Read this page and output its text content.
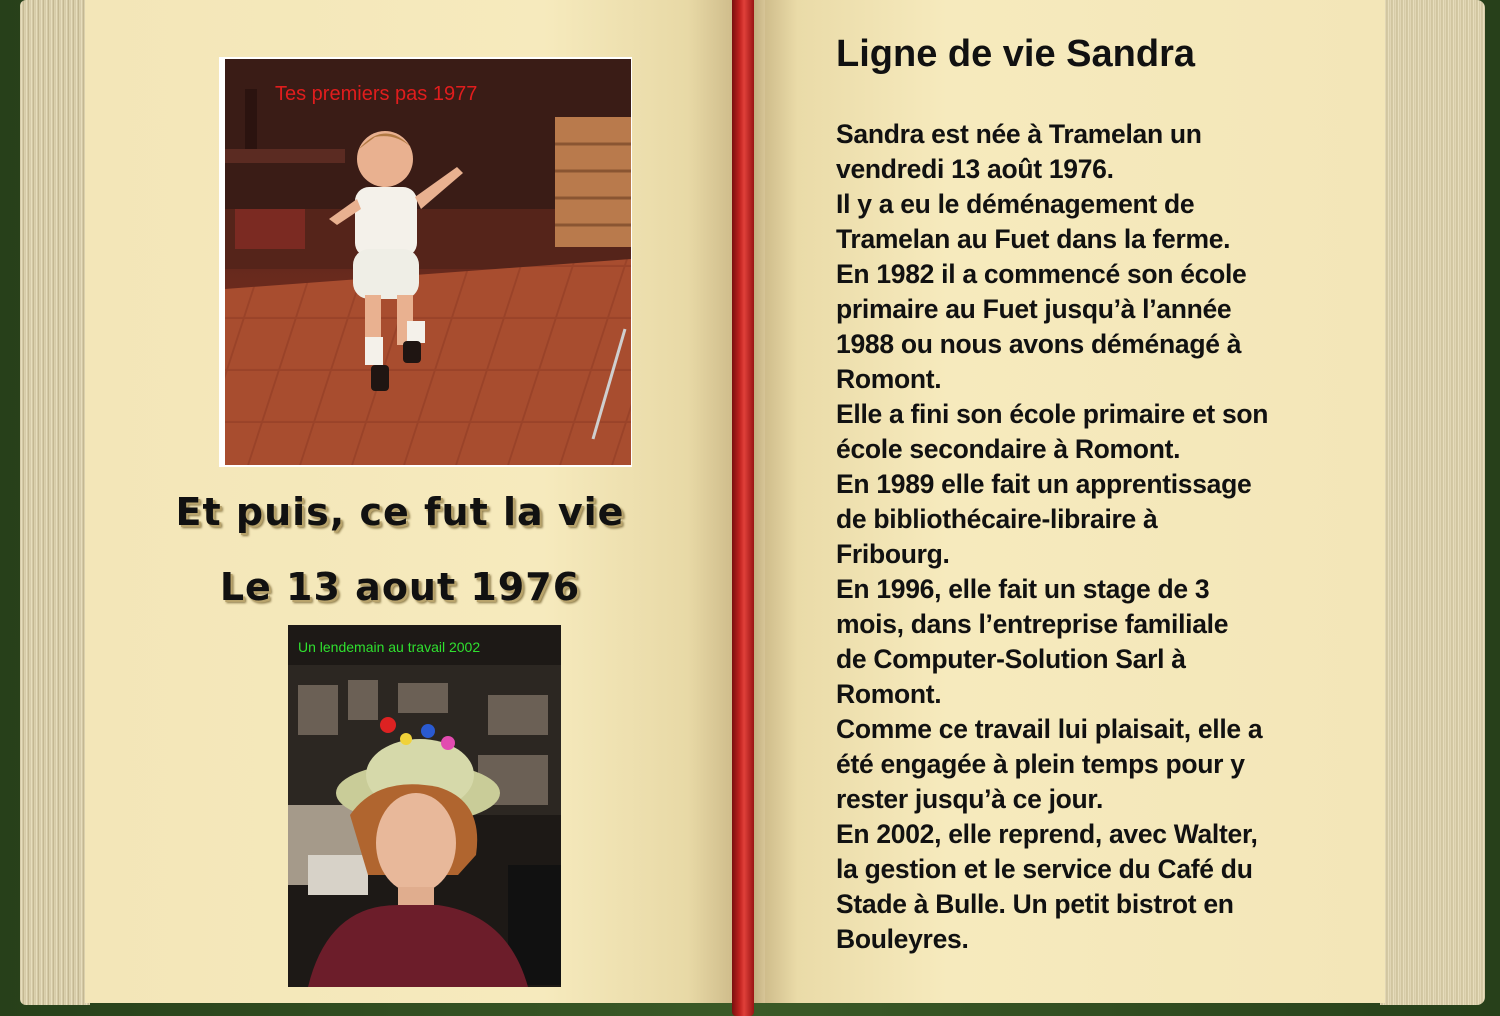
Tes premiers pas 1977
Et puis, ce fut la vie
Le 13 aout 1976
Un lendemain au travail 2002
Ligne de vie Sandra
Sandra est née à Tramelan un
vendredi 13 août 1976.
Il y a eu le déménagement de
Tramelan au Fuet dans la ferme.
En 1982 il a commencé son école
primaire au Fuet jusqu’à l’année
1988 ou nous avons déménagé à
Romont.
Elle a fini son école primaire et son
école secondaire à Romont.
En 1989 elle fait un apprentissage
de bibliothécaire-libraire à
Fribourg.
En 1996, elle fait un stage de 3
mois, dans l’entreprise familiale
de Computer-Solution Sarl à
Romont.
Comme ce travail lui plaisait, elle a
été engagée à plein temps pour y
rester jusqu’à ce jour.
En 2002, elle reprend, avec Walter,
la gestion et le service du Café du
Stade à Bulle. Un petit bistrot en
Bouleyres.
